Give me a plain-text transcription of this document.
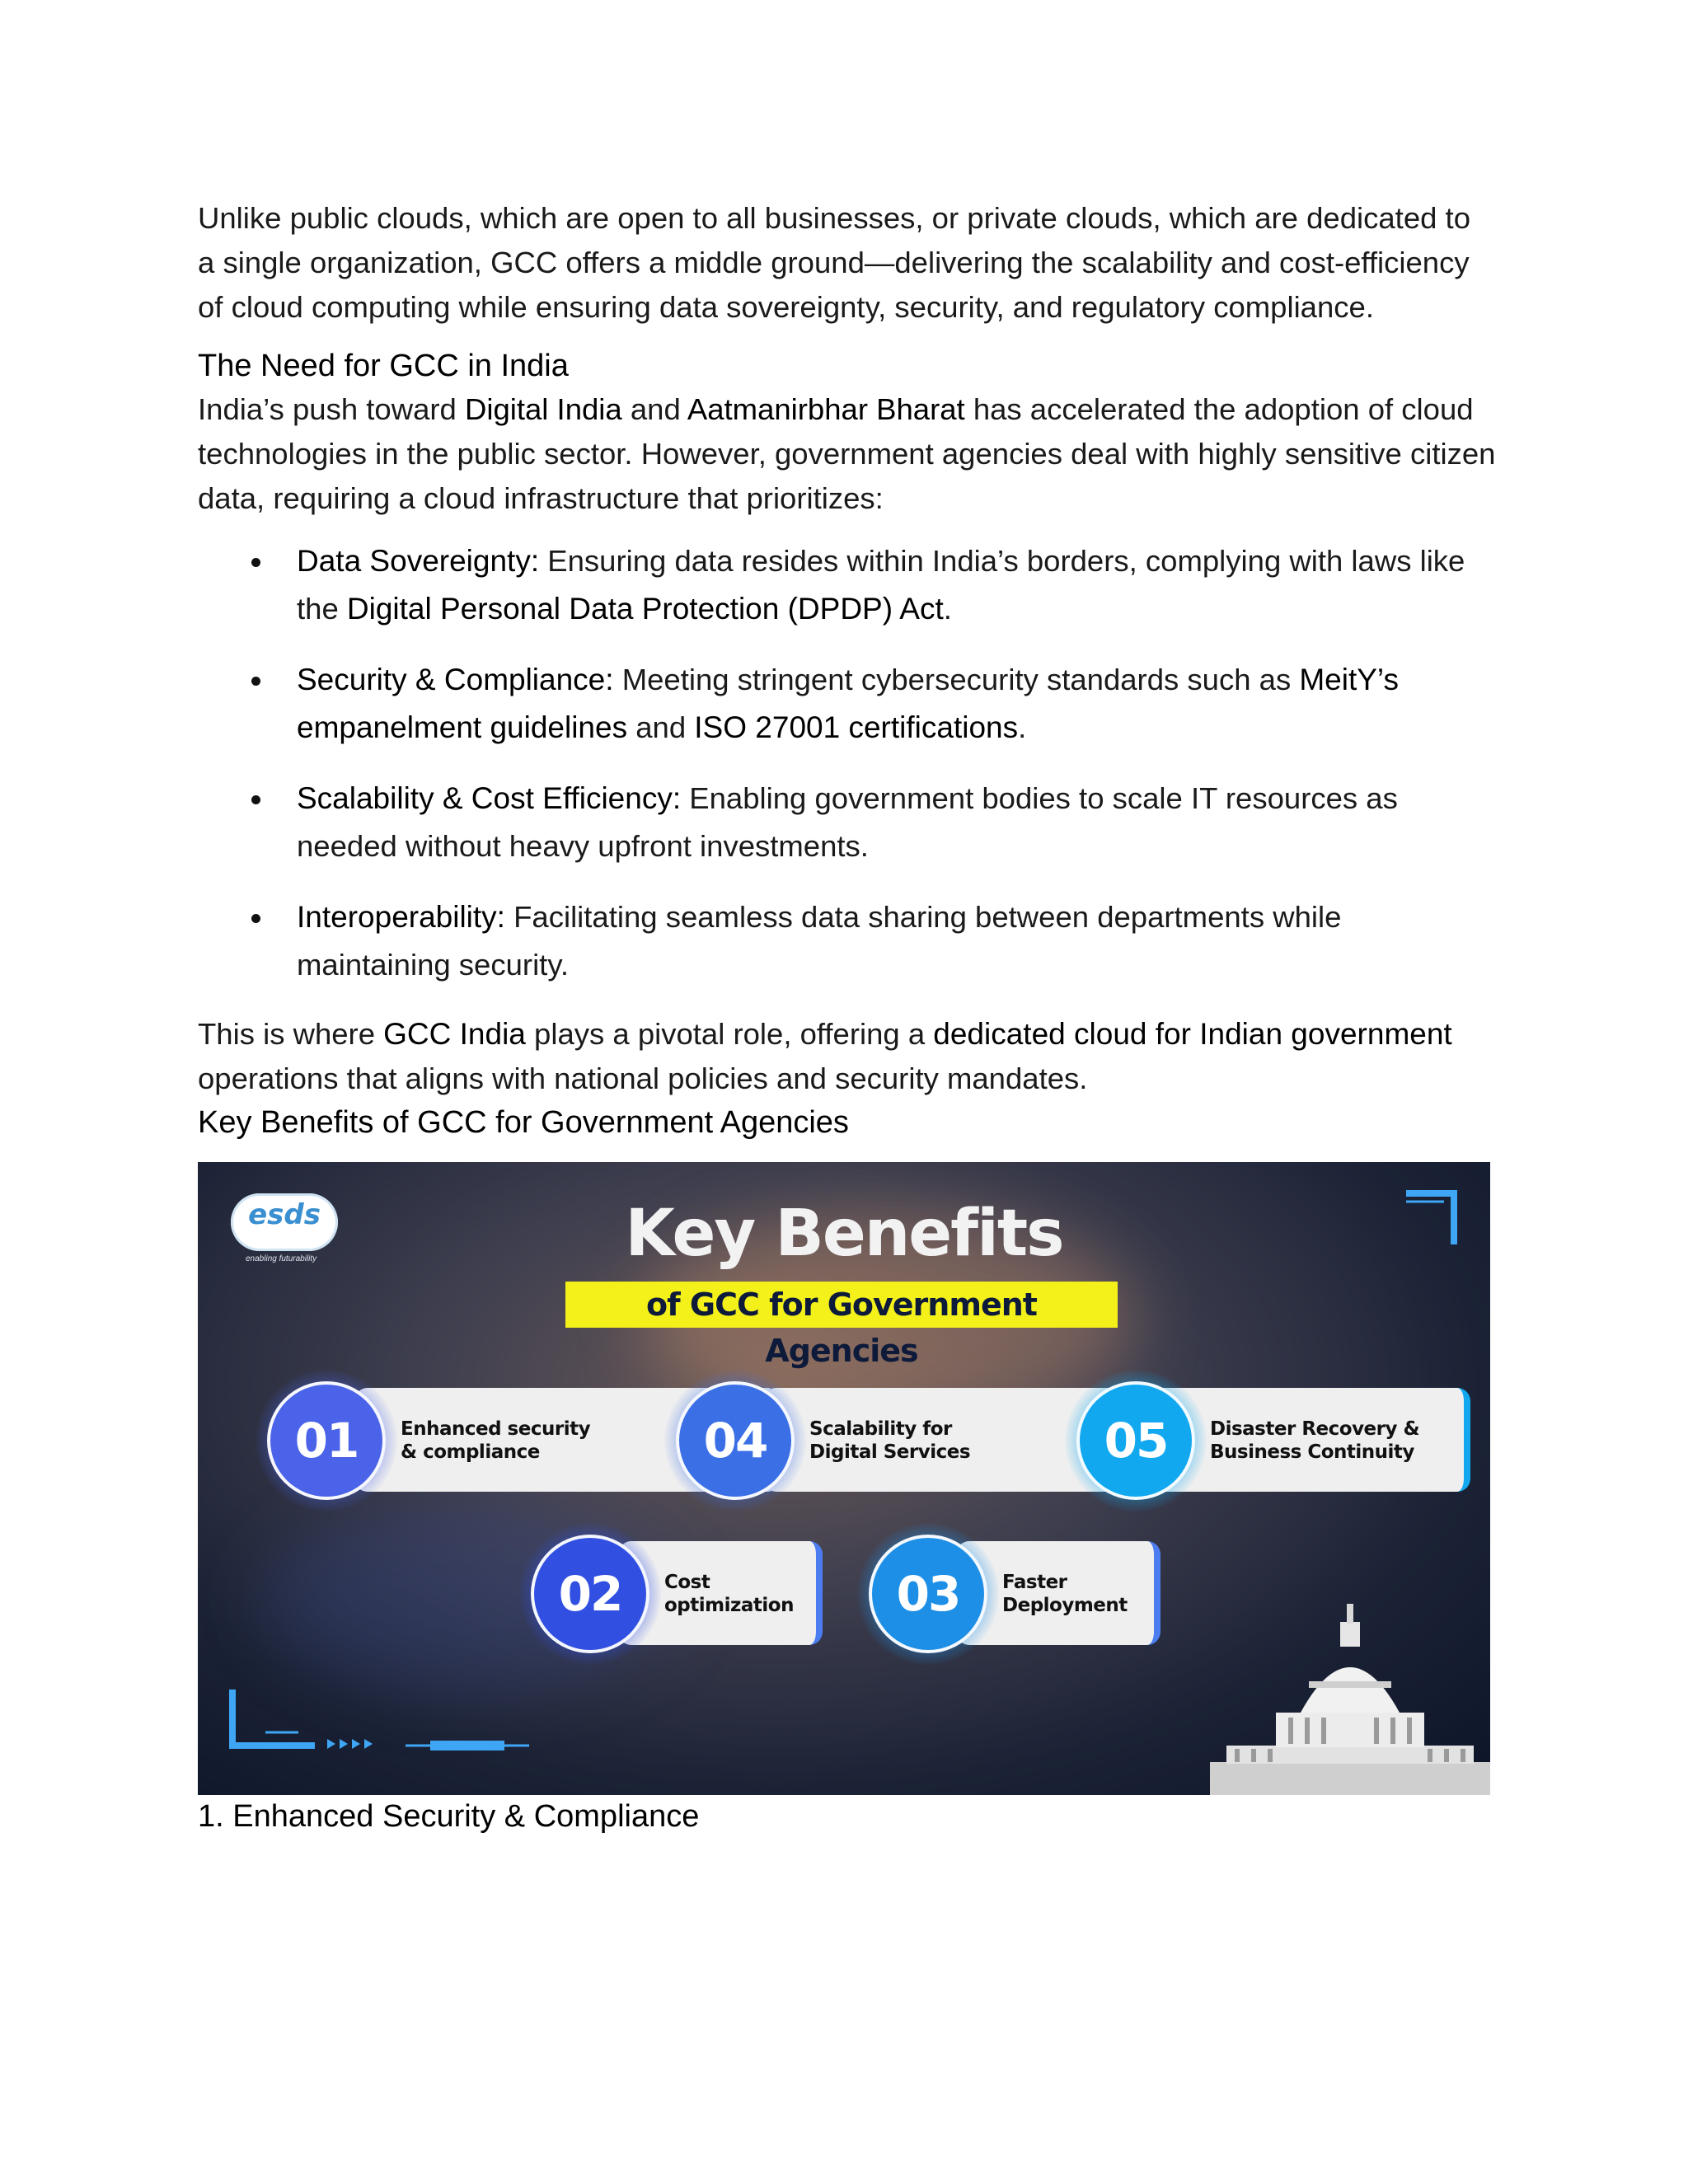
Unlike public clouds, which are open to all businesses, or private clouds, which are dedicated to
a single organization, GCC offers a middle ground—delivering the scalability and cost-efficiency
of cloud computing while ensuring data sovereignty, security, and regulatory compliance.

The Need for GCC in India

India’s push toward Digital India and Aatmanirbhar Bharat has accelerated the adoption of cloud technologies in the public sector. However, government agencies deal with highly sensitive citizen data, requiring a cloud infrastructure that prioritizes:

Data Sovereignty: Ensuring data resides within India’s borders, complying with laws like the Digital Personal Data Protection (DPDP) Act.
Security & Compliance: Meeting stringent cybersecurity standards such as MeitY’s empanelment guidelines and ISO 27001 certifications.
Scalability & Cost Efficiency: Enabling government bodies to scale IT resources as needed without heavy upfront investments.
Interoperability: Facilitating seamless data sharing between departments while maintaining security.

This is where GCC India plays a pivotal role, offering a dedicated cloud for Indian government operations that aligns with national policies and security mandates.

Key Benefits of GCC for Government Agencies
esds
enabling futurability	Key Benefits
of GCC for Government Agencies
Enhanced security
& compliance
01	Scalability for
Digital Services
04	Disaster Recovery &
Business Continuity
05
Cost
optimization
02	Faster
Deployment
03
1. Enhanced Security & Compliance
